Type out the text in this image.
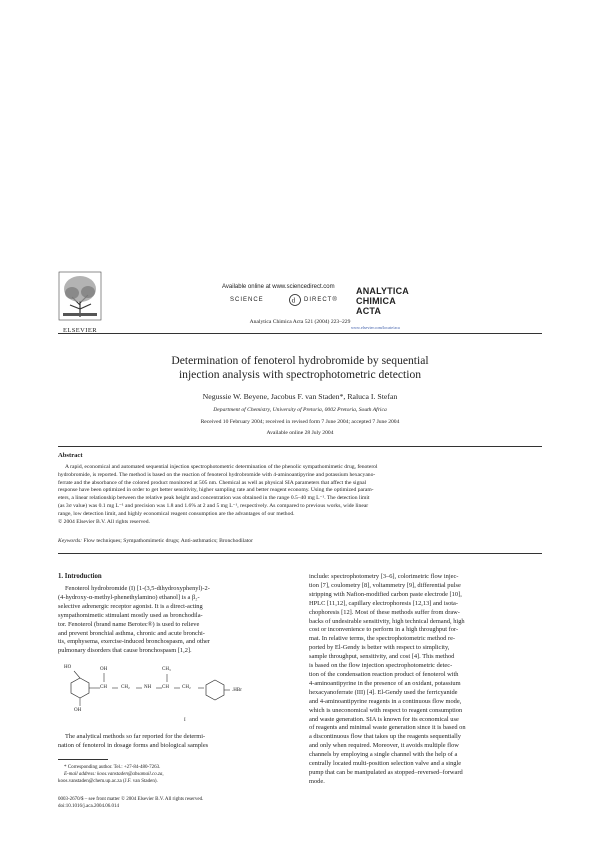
ELSEVIER
Available online at www.sciencedirect.com
SCIENCE	d DIRECT®
Analytica Chimica Acta 521 (2004) 223–229
ANALYTICA
CHIMICA
ACTA
www.elsevier.com/locate/aca
Determination of fenoterol hydrobromide by sequential
injection analysis with spectrophotometric detection
Negussie W. Beyene, Jacobus F. van Staden*, Raluca I. Stefan
Department of Chemistry, University of Pretoria, 0002 Pretoria, South Africa
Received 10 February 2004; received in revised form 7 June 2004; accepted 7 June 2004
Available online 28 July 2004
Abstract
A rapid, economical and automated sequential injection spectrophotometric determination of the phenolic sympathomimetic drug, fenoterol
hydrobromide, is reported. The method is based on the reaction of fenoterol hydrobromide with 4-aminoantipyrine and potassium hexacyano-
ferrate and the absorbance of the colored product monitored at 505 nm. Chemical as well as physical SIA parameters that affect the signal
response have been optimized in order to get better sensitivity, higher sampling rate and better reagent economy. Using the optimized param-
eters, a linear relationship between the relative peak height and concentration was obtained in the range 0.5–40 mg L⁻¹. The detection limit
(as 3σ value) was 0.1 mg L⁻¹ and precision was 1.8 and 1.6% at 2 and 5 mg L⁻¹, respectively. As compared to previous works, wide linear
range, low detection limit, and highly economical reagent consumption are the advantages of our method.
© 2004 Elsevier B.V. All rights reserved.
Keywords: Flow techniques; Sympathomimetic drugs; Anti-asthmatics; Bronchodilator
1. Introduction
Fenoterol hydrobromide (I) [1-(3,5-dihydroxyphenyl)-2-
(4-hydroxy-α-methyl-phenethylamino) ethanol] is a β₂-
selective adrenergic receptor agonist. It is a direct-acting
sympathomimetic stimulant mostly used as bronchodila-
tor. Fenoterol (brand name Berotec®) is used to relieve
and prevent bronchial asthma, chronic and acute bronchi-
tis, emphysema, exercise-induced bronchospasm, and other
pulmonary disorders that cause bronchospasm [1,2].
HO	OH
CH	CH₂	NH CH	CH₂
CH₃
OH
.HBr
I
The analytical methods so far reported for the determi-
nation of fenoterol in dosage forms and biological samples
* Corresponding author. Tel.: +27-84-480-7263.
E-mail address: koos.vanstaden@absamail.co.za,
koos.vanstaden@chem.up.ac.za (J.F. van Staden).
0003-2670/$ – see front matter © 2004 Elsevier B.V. All rights reserved.
doi:10.1016/j.aca.2004.06.014
include: spectrophotometry [3–6], colorimetric flow injec-
tion [7], coulometry [8], voltammetry [9], differential pulse
stripping with Nafion-modified carbon paste electrode [10],
HPLC [11,12], capillary electrophoresis [12,13] and isota-
chophoresis [12]. Most of these methods suffer from draw-
backs of undesirable sensitivity, high technical demand, high
cost or inconvenience to perform in a high throughput for-
mat. In relative terms, the spectrophotometric method re-
ported by El-Gendy is better with respect to simplicity,
sample throughput, sensitivity, and cost [4]. This method
is based on the flow injection spectrophotometric detec-
tion of the condensation reaction product of fenoterol with
4-aminoantipyrine in the presence of an oxidant, potassium
hexacyanoferrate (III) [4]. El-Gendy used the ferricyanide
and 4-aminoantipyrine reagents in a continuous flow mode,
which is uneconomical with respect to reagent consumption
and waste generation. SIA is known for its economical use
of reagents and minimal waste generation since it is based on
a discontinuous flow that takes up the reagents sequentially
and only when required. Moreover, it avoids multiple flow
channels by employing a single channel with the help of a
centrally located multi-position selection valve and a single
pump that can be manipulated as stopped–reversed–forward
mode.
